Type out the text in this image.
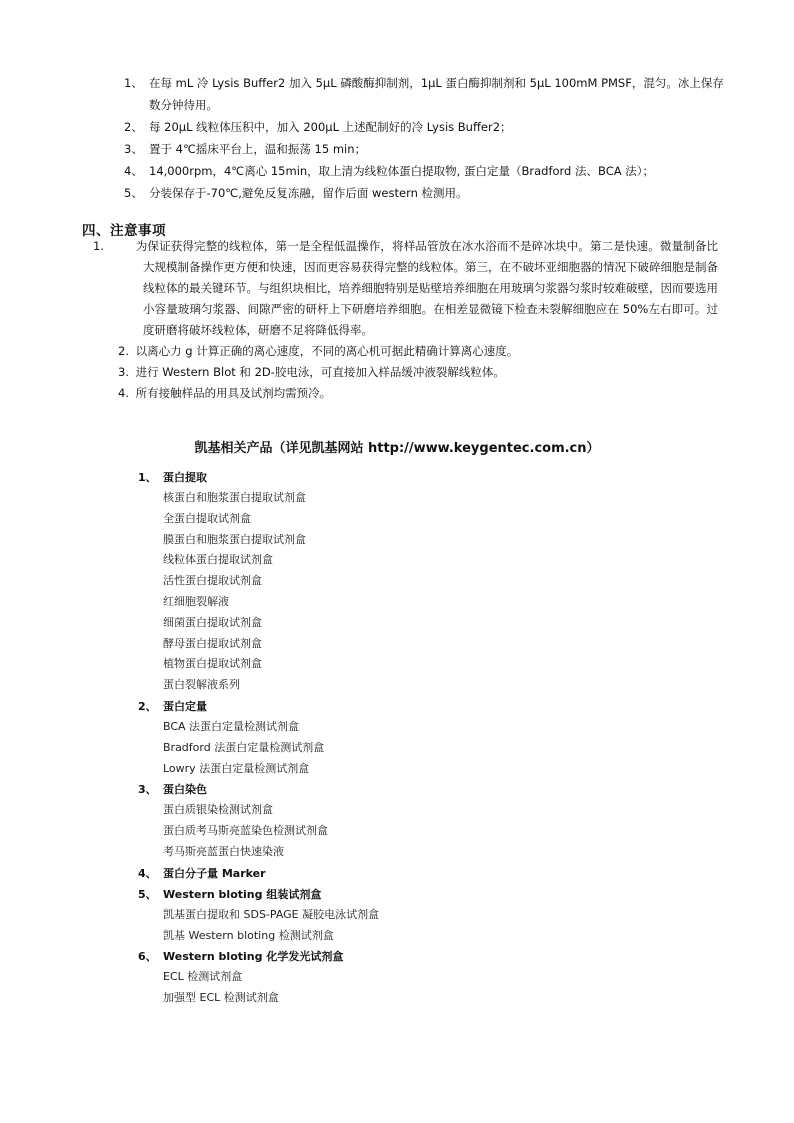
1、 在每 mL 冷 Lysis Buffer2 加入 5μL 磷酸酶抑制剂，1μL 蛋白酶抑制剂和 5μL 100mM PMSF，混匀。冰上保存数分钟待用。
2、 每 20μL 线粒体压积中，加入 200μL 上述配制好的冷 Lysis Buffer2；
3、 置于 4℃摇床平台上，温和振荡 15 min；
4、 14,000rpm，4℃离心 15min，取上清为线粒体蛋白提取物, 蛋白定量（Bradford 法、BCA 法）；
5、 分装保存于-70℃,避免反复冻融，留作后面 western 检测用。
四、注意事项
1.	为保证获得完整的线粒体，第一是全程低温操作，将样品管放在冰水浴而不是碎冰块中。第二是快速。微量制备比大规模制备操作更方便和快速，因而更容易获得完整的线粒体。第三，在不破坏亚细胞器的情况下破碎细胞是制备线粒体的最关键环节。与组织块相比，培养细胞特别是贴壁培养细胞在用玻璃匀浆器匀浆时较难破壁，因而要选用小容量玻璃匀浆器、间隙严密的研杆上下研磨培养细胞。在相差显微镜下检查未裂解细胞应在 50%左右即可。过度研磨将破坏线粒体，研磨不足将降低得率。
2. 以离心力 g 计算正确的离心速度，不同的离心机可据此精确计算离心速度。
3. 进行 Western Blot 和 2D-胶电泳，可直接加入样品缓冲液裂解线粒体。
4. 所有接触样品的用具及试剂均需预冷。
凯基相关产品（详见凯基网站 http://www.keygentec.com.cn）
1、 蛋白提取
核蛋白和胞浆蛋白提取试剂盒
全蛋白提取试剂盒
膜蛋白和胞浆蛋白提取试剂盒
线粒体蛋白提取试剂盒
活性蛋白提取试剂盒
红细胞裂解液
细菌蛋白提取试剂盒
酵母蛋白提取试剂盒
植物蛋白提取试剂盒
蛋白裂解液系列
2、 蛋白定量
BCA 法蛋白定量检测试剂盒
Bradford 法蛋白定量检测试剂盒
Lowry 法蛋白定量检测试剂盒
3、 蛋白染色
蛋白质银染检测试剂盒
蛋白质考马斯亮蓝染色检测试剂盒
考马斯亮蓝蛋白快速染液
4、 蛋白分子量 Marker
5、 Western bloting 组装试剂盒
凯基蛋白提取和 SDS-PAGE 凝胶电泳试剂盒
凯基 Western bloting 检测试剂盒
6、 Western bloting 化学发光试剂盒
ECL 检测试剂盒
加强型 ECL 检测试剂盒
